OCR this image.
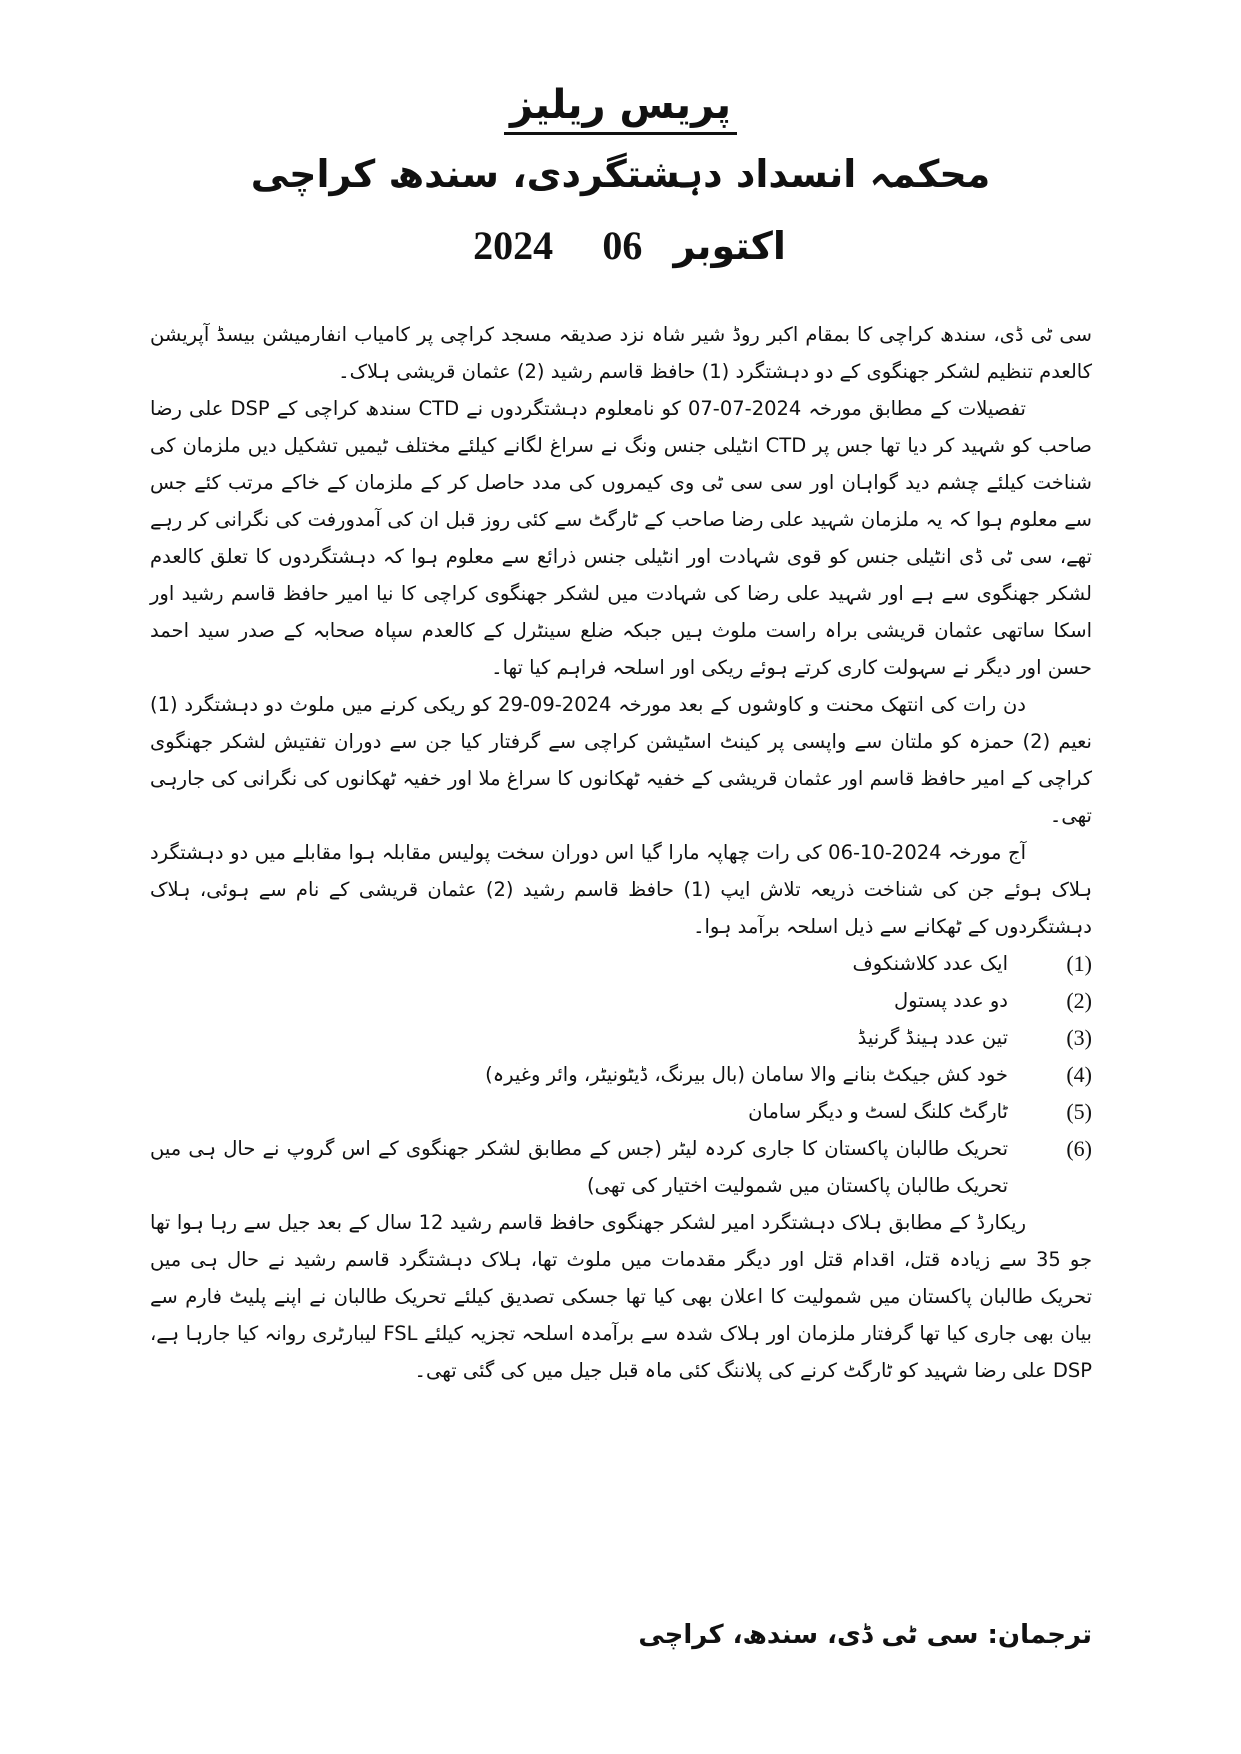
پریس ریلیز
محکمہ انسداد دہشتگردی، سندھ کراچی
اکتوبر 06 2024

سی ٹی ڈی، سندھ کراچی کا بمقام اکبر روڈ شیر شاہ نزد صدیقہ مسجد کراچی پر کامیاب انفارمیشن بیسڈ آپریشن کالعدم تنظیم لشکر جھنگوی کے دو دہشتگرد (1) حافظ قاسم رشید (2) عثمان قریشی ہلاک۔

تفصیلات کے مطابق مورخہ 2024-07-07 کو نامعلوم دہشتگردوں نے CTD سندھ کراچی کے DSP علی رضا صاحب کو شہید کر دیا تھا جس پر CTD انٹیلی جنس ونگ نے سراغ لگانے کیلئے مختلف ٹیمیں تشکیل دیں ملزمان کی شناخت کیلئے چشم دید گواہان اور سی سی ٹی وی کیمروں کی مدد حاصل کر کے ملزمان کے خاکے مرتب کئے جس سے معلوم ہوا کہ یہ ملزمان شہید علی رضا صاحب کے ٹارگٹ سے کئی روز قبل ان کی آمدورفت کی نگرانی کر رہے تھے، سی ٹی ڈی انٹیلی جنس کو قوی شہادت اور انٹیلی جنس ذرائع سے معلوم ہوا کہ دہشتگردوں کا تعلق کالعدم لشکر جھنگوی سے ہے اور شہید علی رضا کی شہادت میں لشکر جھنگوی کراچی کا نیا امیر حافظ قاسم رشید اور اسکا ساتھی عثمان قریشی براہ راست ملوث ہیں جبکہ ضلع سینٹرل کے کالعدم سپاہ صحابہ کے صدر سید احمد حسن اور دیگر نے سہولت کاری کرتے ہوئے ریکی اور اسلحہ فراہم کیا تھا۔

دن رات کی انتھک محنت و کاوشوں کے بعد مورخہ 2024-09-29 کو ریکی کرنے میں ملوث دو دہشتگرد (1) نعیم (2) حمزہ کو ملتان سے واپسی پر کینٹ اسٹیشن کراچی سے گرفتار کیا جن سے دوران تفتیش لشکر جھنگوی کراچی کے امیر حافظ قاسم اور عثمان قریشی کے خفیہ ٹھکانوں کا سراغ ملا اور خفیہ ٹھکانوں کی نگرانی کی جارہی تھی۔

آج مورخہ 2024-10-06 کی رات چھاپہ مارا گیا اس دوران سخت پولیس مقابلہ ہوا مقابلے میں دو دہشتگرد ہلاک ہوئے جن کی شناخت ذریعہ تلاش ایپ (1) حافظ قاسم رشید (2) عثمان قریشی کے نام سے ہوئی، ہلاک دہشتگردوں کے ٹھکانے سے ذیل اسلحہ برآمد ہوا۔

(1)
ایک عدد کلاشنکوف
(2)
دو عدد پستول
(3)
تین عدد ہینڈ گرنیڈ
(4)
خود کش جیکٹ بنانے والا سامان (بال بیرنگ، ڈیٹونیٹر، وائر وغیرہ)
(5)
ٹارگٹ کلنگ لسٹ و دیگر سامان
(6)
تحریک طالبان پاکستان کا جاری کردہ لیٹر (جس کے مطابق لشکر جھنگوی کے اس گروپ نے حال ہی میں تحریک طالبان پاکستان میں شمولیت اختیار کی تھی)

ریکارڈ کے مطابق ہلاک دہشتگرد امیر لشکر جھنگوی حافظ قاسم رشید 12 سال کے بعد جیل سے رہا ہوا تھا جو 35 سے زیادہ قتل، اقدام قتل اور دیگر مقدمات میں ملوث تھا، ہلاک دہشتگرد قاسم رشید نے حال ہی میں تحریک طالبان پاکستان میں شمولیت کا اعلان بھی کیا تھا جسکی تصدیق کیلئے تحریک طالبان نے اپنے پلیٹ فارم سے بیان بھی جاری کیا تھا گرفتار ملزمان اور ہلاک شدہ سے برآمدہ اسلحہ تجزیہ کیلئے FSL لیبارٹری روانہ کیا جارہا ہے، DSP علی رضا شہید کو ٹارگٹ کرنے کی پلاننگ کئی ماہ قبل جیل میں کی گئی تھی۔

ترجمان: سی ٹی ڈی، سندھ، کراچی
